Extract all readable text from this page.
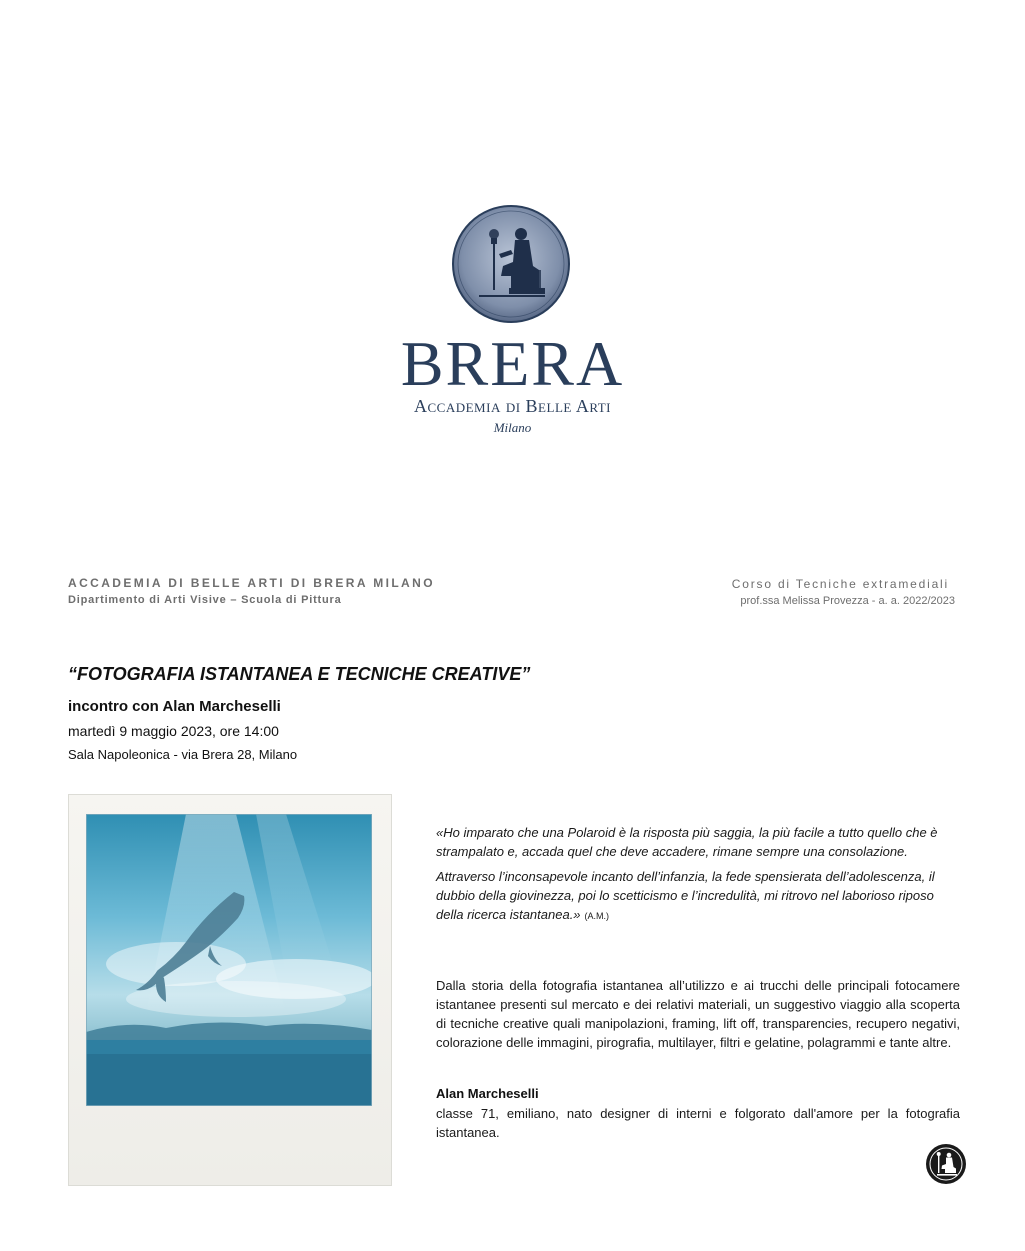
BRERA
Accademia di Belle Arti
Milano
ACCADEMIA DI BELLE ARTI DI BRERA MILANO
Dipartimento di Arti Visive – Scuola di Pittura
Corso di Tecniche extramediali
prof.ssa Melissa Provezza - a. a. 2022/2023
“FOTOGRAFIA ISTANTANEA E TECNICHE CREATIVE”
incontro con Alan Marcheselli
martedì 9 maggio 2023, ore 14:00
Sala Napoleonica - via Brera 28, Milano

«Ho imparato che una Polaroid è la risposta più saggia, la più facile a tutto quello che è strampalato e, accada quel che deve accadere, rimane sempre una consolazione.

Attraverso l’inconsapevole incanto dell’infanzia, la fede spensierata dell’adolescenza, il dubbio della giovinezza, poi lo scetticismo e l’incredulità, mi ritrovo nel laborioso riposo della ricerca istantanea.» (A.M.)

Dalla storia della fotografia istantanea all’utilizzo e ai trucchi delle principali fotocamere istantanee presenti sul mercato e dei relativi materiali, un suggestivo viaggio alla scoperta di tecniche creative quali manipolazioni, framing, lift off, transparencies, recupero negativi, colorazione delle immagini, pirografia, multilayer, filtri e gelatine, polagrammi e tante altre.
Alan Marcheselli
classe 71, emiliano, nato designer di interni e folgorato dall'amore per la fotografia istantanea.
